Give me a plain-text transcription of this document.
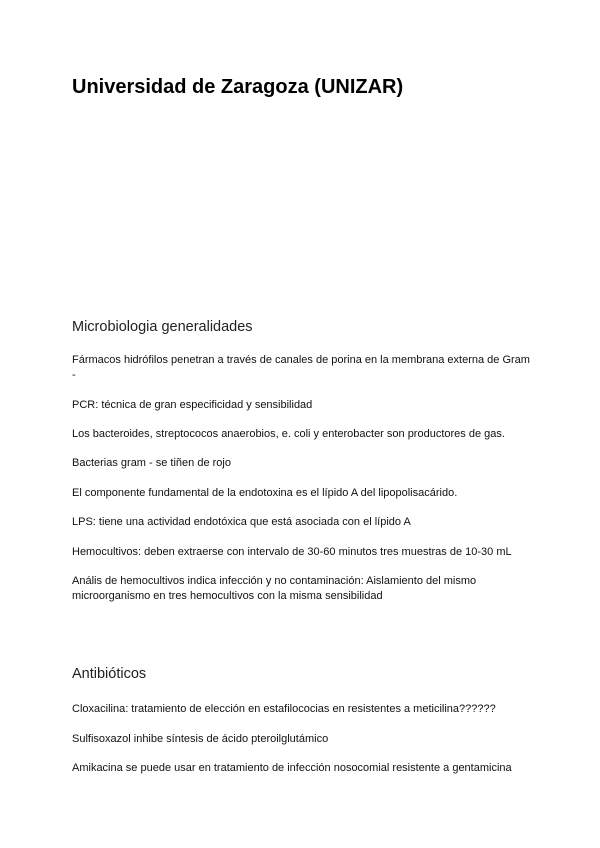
Universidad de Zaragoza (UNIZAR)
Microbiologia generalidades

Fármacos hidrófilos penetran a través de canales de porina en la membrana externa de Gram -

PCR: técnica de gran especificidad y sensibilidad

Los bacteroides, streptococos anaerobios, e. coli y enterobacter son productores de gas.

Bacterias gram - se tiñen de rojo

El componente fundamental de la endotoxina es el lípido A del lipopolisacárido.

LPS: tiene una actividad endotóxica que está asociada con el lípido A

Hemocultivos: deben extraerse con intervalo de 30-60 minutos tres muestras de 10-30 mL

Anális de hemocultivos indica infección y no contaminación: Aislamiento del mismo microorganismo en tres hemocultivos con la misma sensibilidad

Antibióticos

Cloxacilina: tratamiento de elección en estafilococias en resistentes a meticilina??????

Sulfisoxazol inhibe síntesis de ácido pteroilglutámico

Amikacina se puede usar en tratamiento de infección nosocomial resistente a gentamicina
